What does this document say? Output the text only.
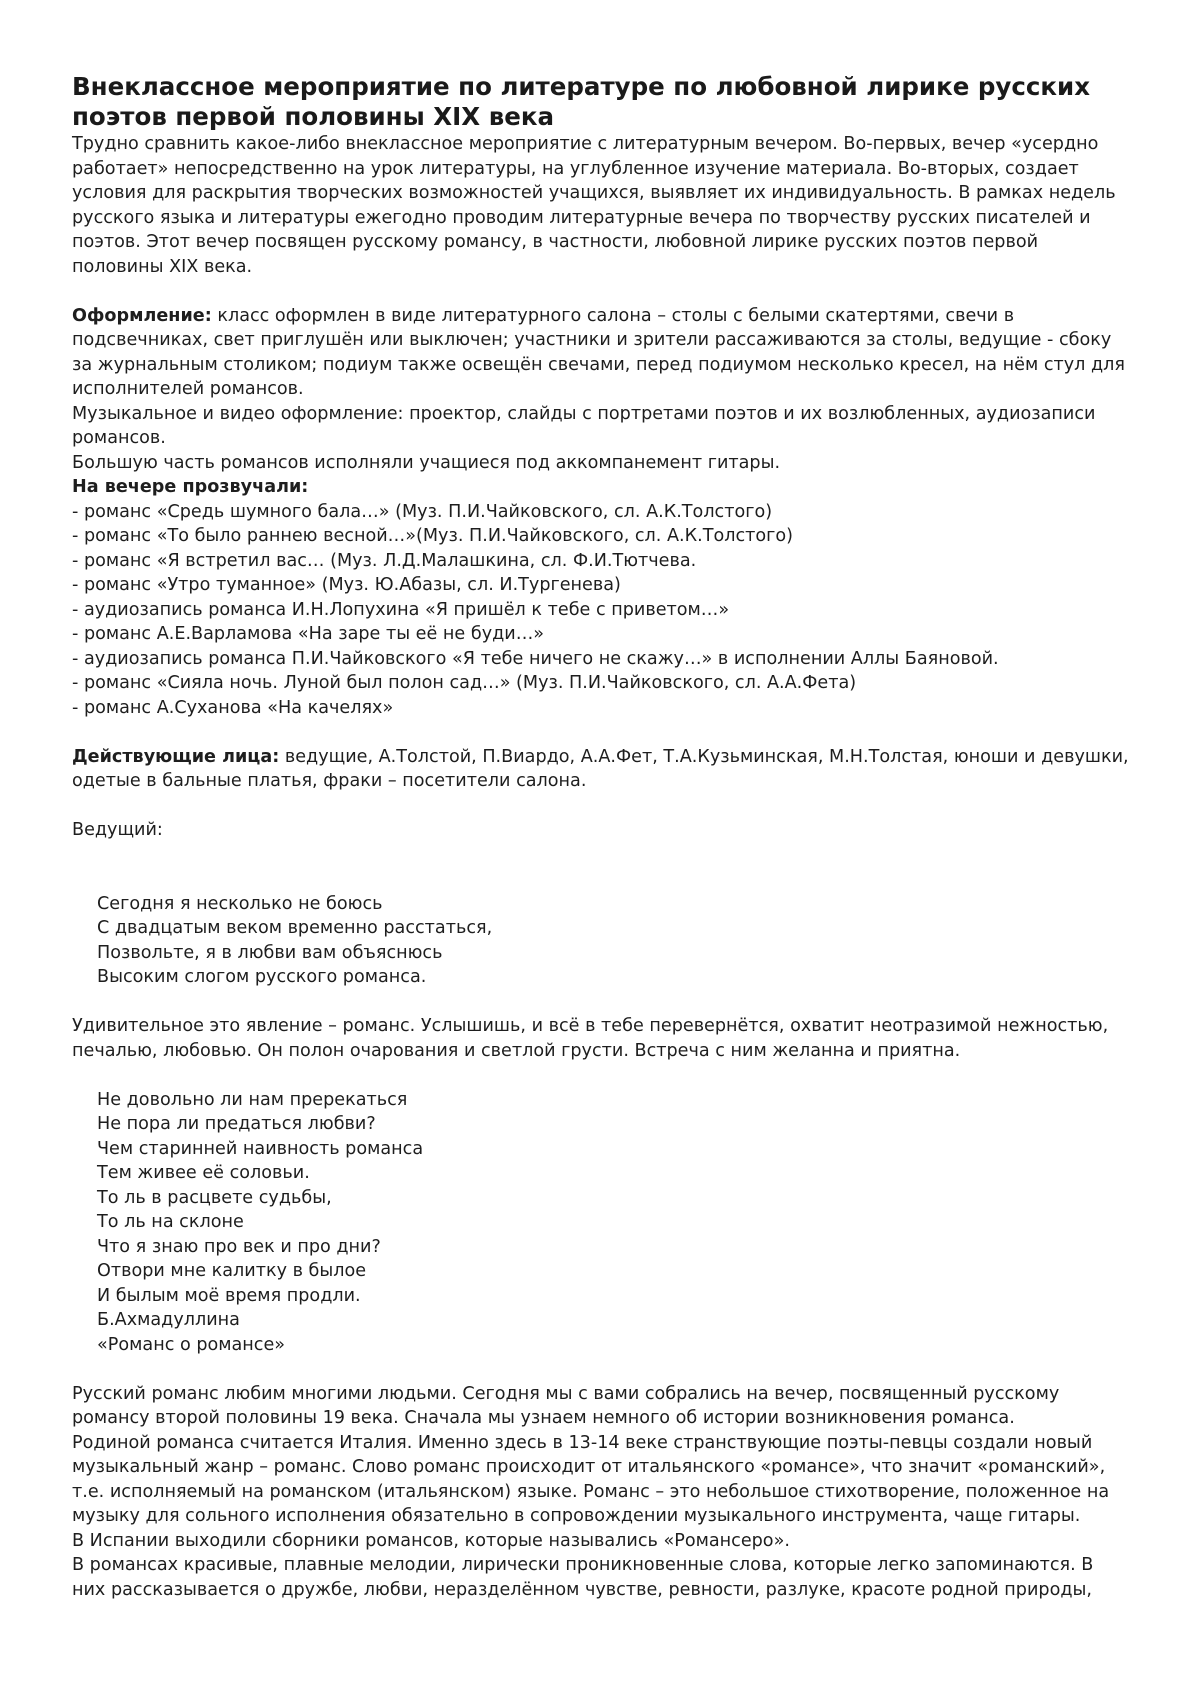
Внеклассное мероприятие по литературе по любовной лирике русских поэтов первой половины XIX века

Трудно сравнить какое-либо внеклассное мероприятие с литературным вечером. Во-первых, вечер «усердно работает» непосредственно на урок литературы, на углубленное изучение материала. Во-вторых, создает условия для раскрытия творческих возможностей учащихся, выявляет их индивидуальность. В рамках недель русского языка и литературы ежегодно проводим литературные вечера по творчеству русских писателей и поэтов. Этот вечер посвящен русскому романсу, в частности, любовной лирике русских поэтов первой половины XIX века.

Оформление: класс оформлен в виде литературного салона – столы с белыми скатертями, свечи в подсвечниках, свет приглушён или выключен; участники и зрители рассаживаются за столы, ведущие - сбоку за журнальным столиком; подиум также освещён свечами, перед подиумом несколько кресел, на нём стул для исполнителей романсов.

Музыкальное и видео оформление: проектор, слайды с портретами поэтов и их возлюбленных, аудиозаписи романсов.

Большую часть романсов исполняли учащиеся под аккомпанемент гитары.

На вечере прозвучали:

- романс «Средь шумного бала…» (Муз. П.И.Чайковского, сл. А.К.Толстого)
- романс «То было раннею весной…»(Муз. П.И.Чайковского, сл. А.К.Толстого)
- романс «Я встретил вас… (Муз. Л.Д.Малашкина, сл. Ф.И.Тютчева.
- романс «Утро туманное» (Муз. Ю.Абазы, сл. И.Тургенева)
- аудиозапись романса И.Н.Лопухина «Я пришёл к тебе с приветом…»
- романс А.Е.Варламова «На заре ты её не буди…»
- аудиозапись романса П.И.Чайковского «Я тебе ничего не скажу…» в исполнении Аллы Баяновой.
- романс «Сияла ночь. Луной был полон сад…» (Муз. П.И.Чайковского, сл. А.А.Фета)
- романс А.Суханова «На качелях»

Действующие лица: ведущие, А.Толстой, П.Виардо, А.А.Фет, Т.А.Кузьминская, М.Н.Толстая, юноши и девушки, одетые в бальные платья, фраки – посетители салона.

Ведущий:

Сегодня я несколько не боюсь
С двадцатым веком временно расстаться,
Позвольте, я в любви вам объяснюсь
Высоким слогом русского романса.

Удивительное это явление – романс. Услышишь, и всё в тебе перевернётся, охватит неотразимой нежностью, печалью, любовью. Он полон очарования и светлой грусти. Встреча с ним желанна и приятна.

Не довольно ли нам пререкаться
Не пора ли предаться любви?
Чем старинней наивность романса
Тем живее её соловьи.
То ль в расцвете судьбы,
То ль на склоне
Что я знаю про век и про дни?
Отвори мне калитку в былое
И былым моё время продли.
Б.Ахмадуллина
«Романс о романсе»

Русский романс любим многими людьми. Сегодня мы с вами собрались на вечер, посвященный русскому романсу второй половины 19 века. Сначала мы узнаем немного об истории возникновения романса.

Родиной романса считается Италия. Именно здесь в 13-14 веке странствующие поэты-певцы создали новый музыкальный жанр – романс. Слово романс происходит от итальянского «романсе», что значит «романский», т.е. исполняемый на романском (итальянском) языке. Романс – это небольшое стихотворение, положенное на музыку для сольного исполнения обязательно в сопровождении музыкального инструмента, чаще гитары.

В Испании выходили сборники романсов, которые назывались «Романсеро».

В романсах красивые, плавные мелодии, лирически проникновенные слова, которые легко запоминаются. В них рассказывается о дружбе, любви, неразделённом чувстве, ревности, разлуке, красоте родной природы,
